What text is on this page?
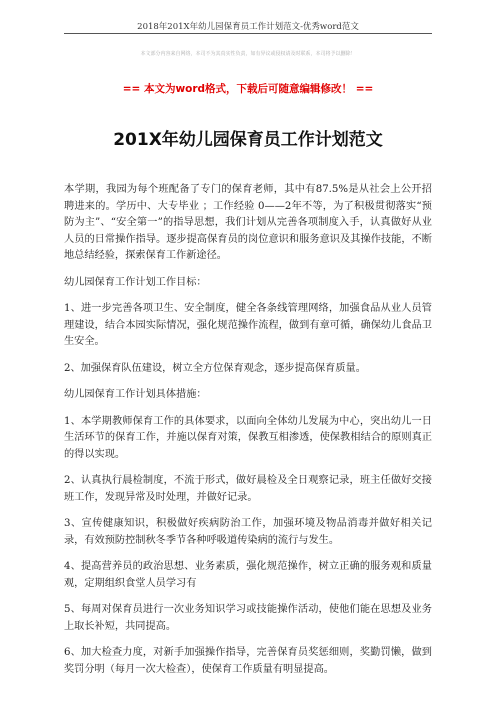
2018年201X年幼儿园保育员工作计划范文-优秀word范文
本文部分内容来自网络，本司不为其真实性负责，如有异议或侵权请及时联系，本司将予以删除！
== 本文为word格式，下载后可随意编辑修改！ ==
201X年幼儿园保育员工作计划范文

本学期，我园为每个班配备了专门的保育老师，其中有87.5%是从社会上公开招聘进来的。学历中、大专毕业 ；工作经验 0——2年不等，为了积极贯彻落实“预防为主”、“安全第一”的指导思想，我们计划从完善各项制度入手，认真做好从业人员的日常操作指导。逐步提高保育员的岗位意识和服务意识及其操作技能，不断地总结经验，探索保育工作新途径。

幼儿园保育工作计划工作目标：

1、进一步完善各项卫生、安全制度，健全各条线管理网络，加强食品从业人员管理建设，结合本园实际情况，强化规范操作流程，做到有章可循，确保幼儿食品卫生安全。

2、加强保育队伍建设，树立全方位保育观念，逐步提高保育质量。

幼儿园保育工作计划具体措施：

1、本学期教师保育工作的具体要求，以面向全体幼儿发展为中心，突出幼儿一日生活环节的保育工作，并施以保育对策，保教互相渗透，使保教相结合的原则真正的得以实现。

2、认真执行晨检制度，不流于形式，做好晨检及全日观察记录，班主任做好交接班工作，发现异常及时处理，并做好记录。

3、宣传健康知识，积极做好疾病防治工作，加强环境及物品消毒并做好相关记录，有效预防控制秋冬季节各种呼吸道传染病的流行与发生。

4、提高营养员的政治思想、业务素质，强化规范操作，树立正确的服务观和质量观，定期组织食堂人员学习有

5、每周对保育员进行一次业务知识学习或技能操作活动，使他们能在思想及业务上取长补短，共同提高。

6、加大检查力度，对新手加强操作指导，完善保育员奖惩细则，奖勤罚懒，做到奖罚分明（每月一次大检查），使保育工作质量有明显提高。
